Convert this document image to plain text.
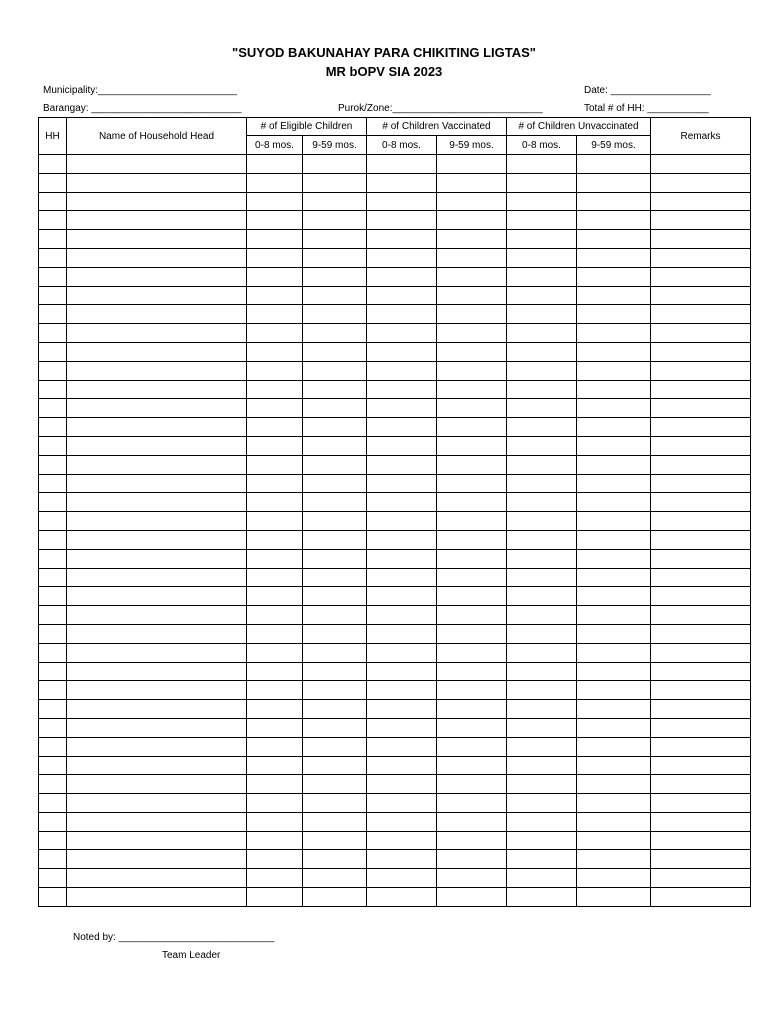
"SUYOD BAKUNAHAY PARA CHIKITING LIGTAS"
MR bOPV SIA 2023
Municipality:_________________________	Date: __________________
Barangay: ___________________________	Purok/Zone:___________________________	Total # of HH: ___________
HH	Name of Household Head	# of Eligible Children		# of Children Vaccinated		# of Children Unvaccinated		Remarks
		0-8 mos.	9-59 mos.	0-8 mos.	9-59 mos.	0-8 mos.	9-59 mos.	

Noted by: ____________________________
Team Leader
